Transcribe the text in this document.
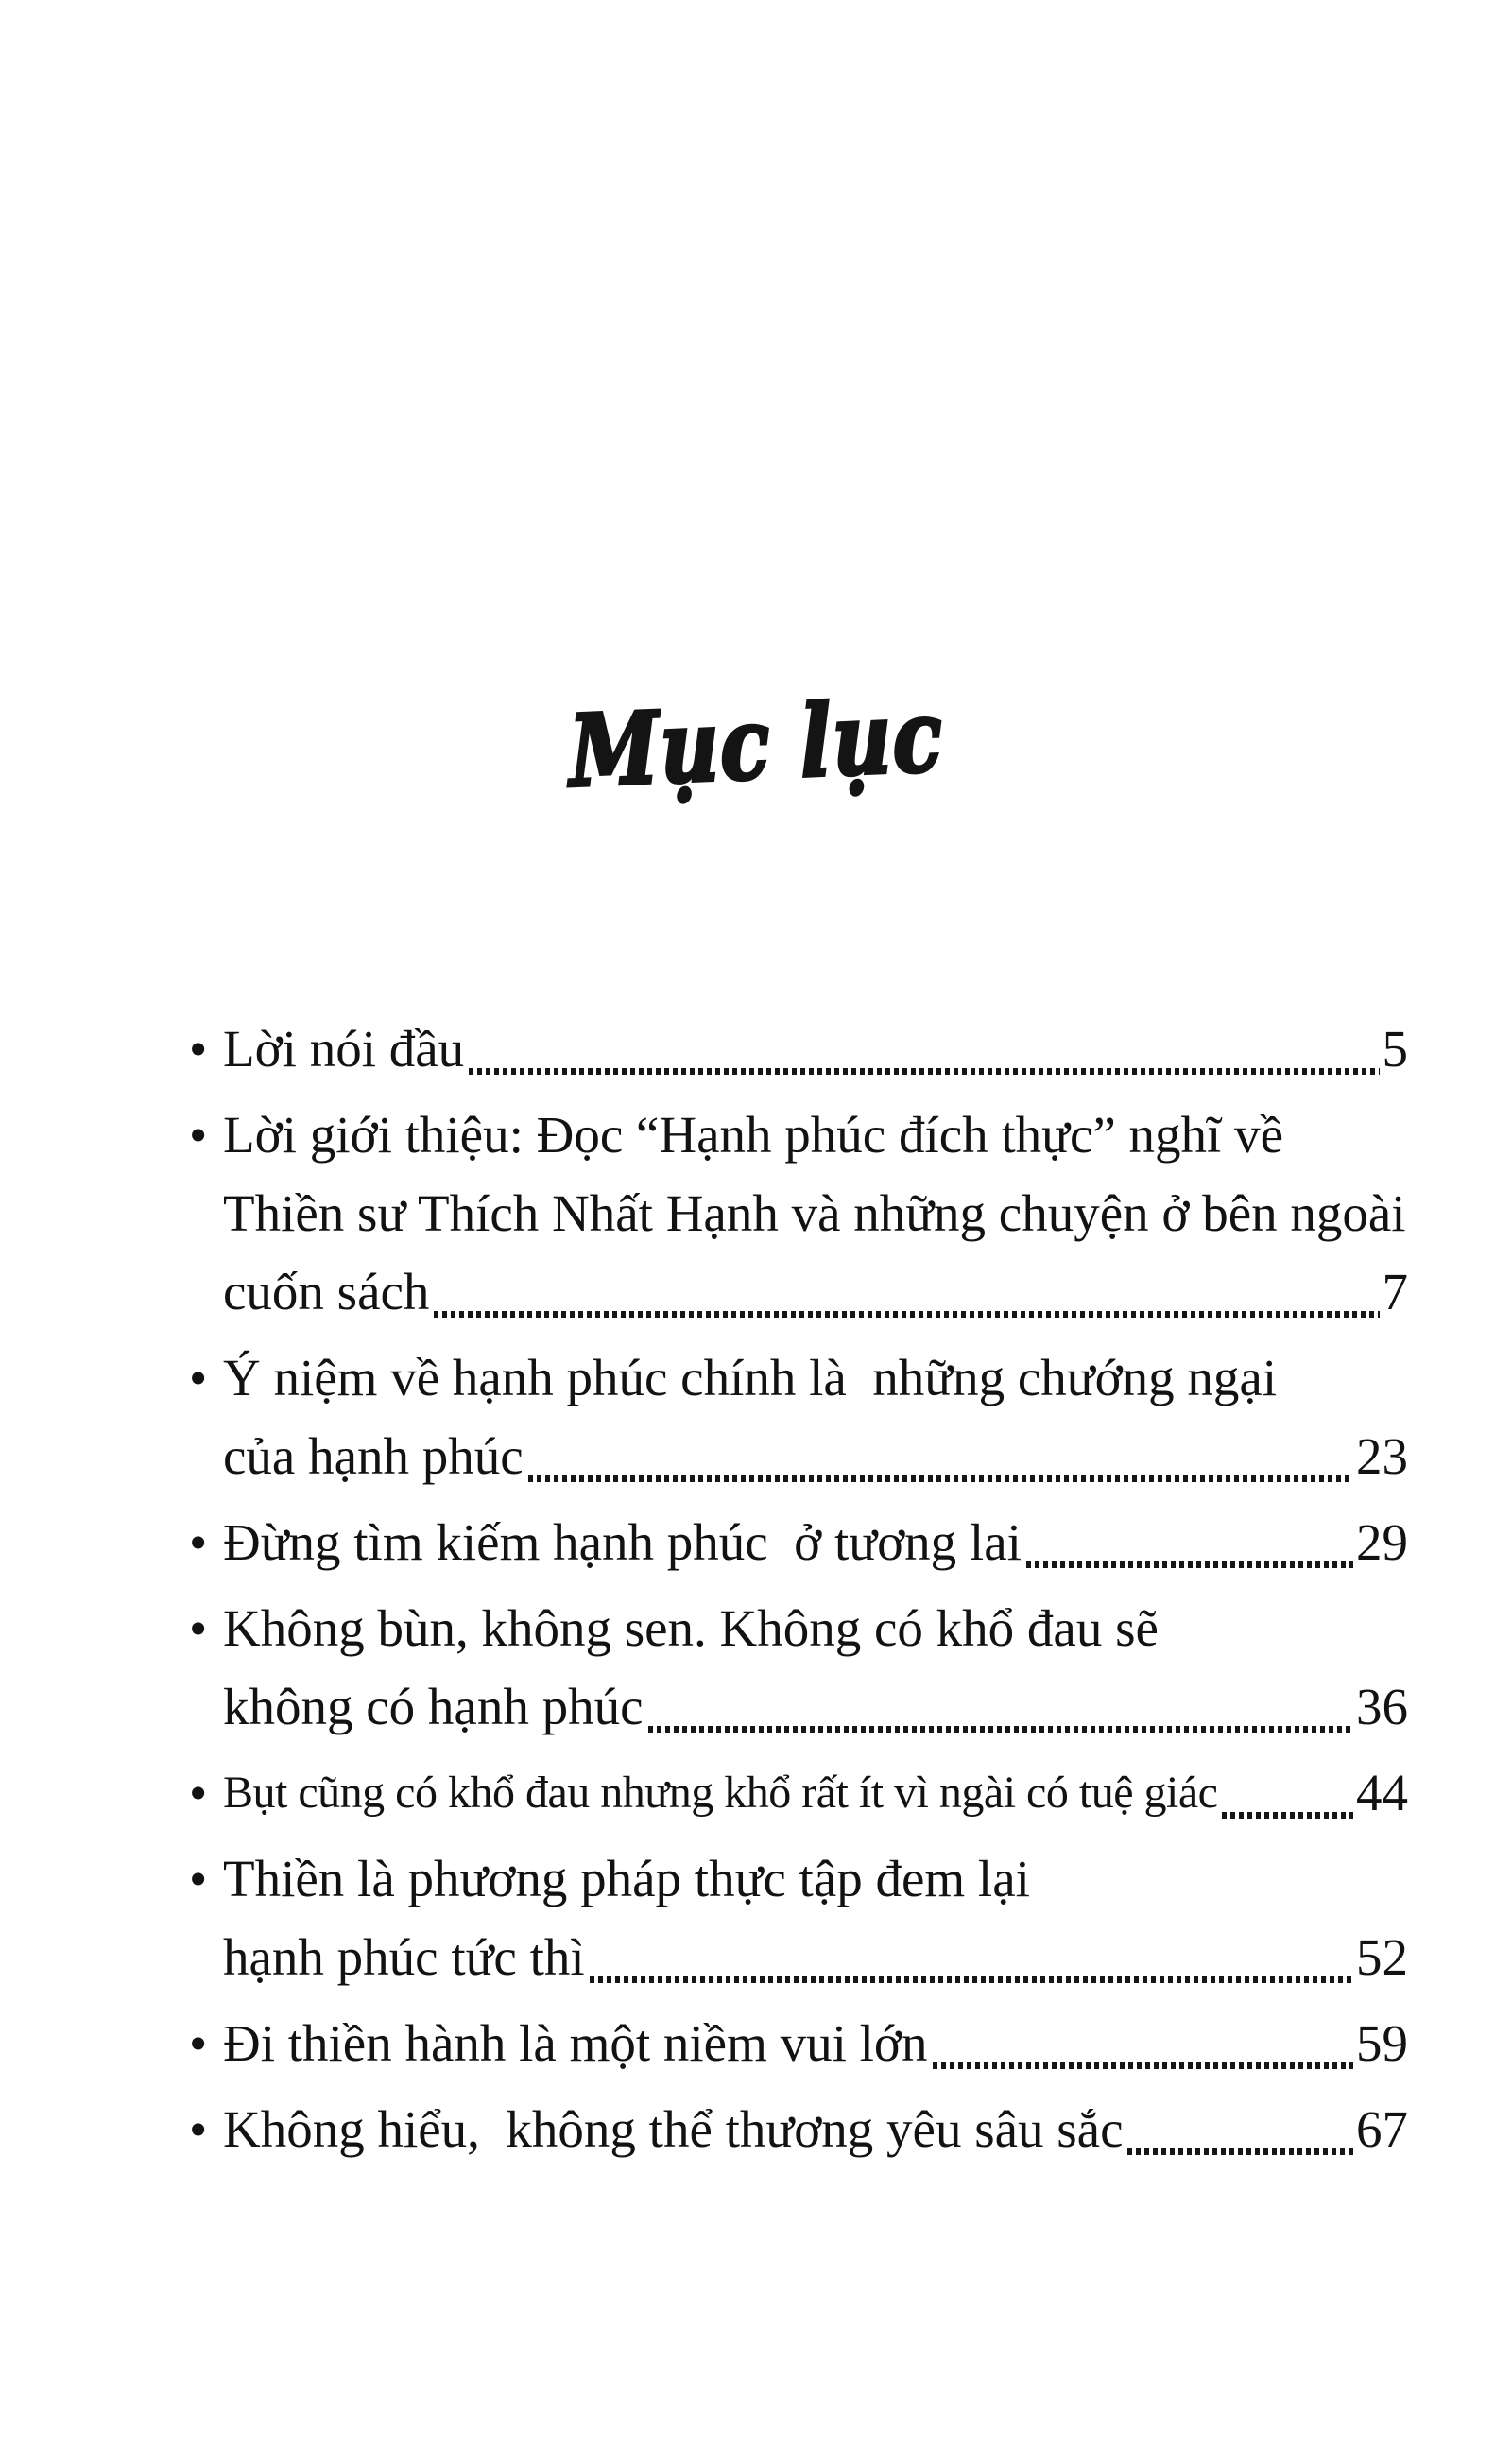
Mục lục
• Lời nói đầu	5
• Lời giới thiệu: Đọc “Hạnh phúc đích thực” nghĩ về
Thiền sư Thích Nhất Hạnh và những chuyện ở bên ngoài
cuốn sách	7
• Ý niệm về hạnh phúc chính là  những chướng ngại
của hạnh phúc	23
• Đừng tìm kiếm hạnh phúc  ở tương lai	29
• Không bùn, không sen. Không có khổ đau sẽ
không có hạnh phúc	36
• Bụt cũng có khổ đau nhưng khổ rất ít vì ngài có tuệ giác	44
• Thiền là phương pháp thực tập đem lại
hạnh phúc tức thì	52
• Đi thiền hành là một niềm vui lớn	59
• Không hiểu,  không thể thương yêu sâu sắc	67
